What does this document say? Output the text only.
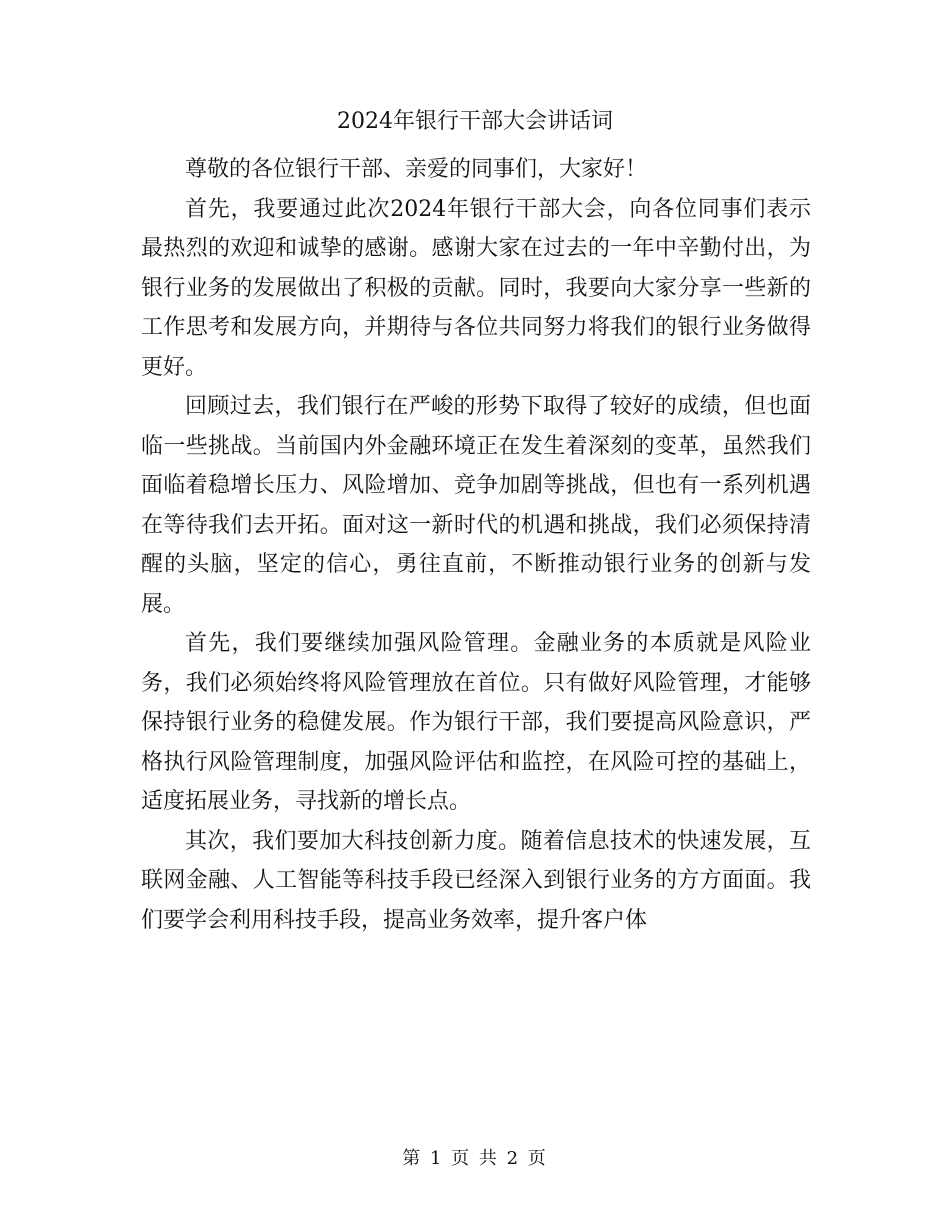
2024年银行干部大会讲话词

尊敬的各位银行干部、亲爱的同事们，大家好！

首先，我要通过此次2024年银行干部大会，向各位同事们表示最热烈的欢迎和诚挚的感谢。感谢大家在过去的一年中辛勤付出，为银行业务的发展做出了积极的贡献。同时，我要向大家分享一些新的工作思考和发展方向，并期待与各位共同努力将我们的银行业务做得更好。

回顾过去，我们银行在严峻的形势下取得了较好的成绩，但也面临一些挑战。当前国内外金融环境正在发生着深刻的变革，虽然我们面临着稳增长压力、风险增加、竞争加剧等挑战，但也有一系列机遇在等待我们去开拓。面对这一新时代的机遇和挑战，我们必须保持清醒的头脑，坚定的信心，勇往直前，不断推动银行业务的创新与发展。

首先，我们要继续加强风险管理。金融业务的本质就是风险业务，我们必须始终将风险管理放在首位。只有做好风险管理，才能够保持银行业务的稳健发展。作为银行干部，我们要提高风险意识，严格执行风险管理制度，加强风险评估和监控，在风险可控的基础上，适度拓展业务，寻找新的增长点。

其次，我们要加大科技创新力度。随着信息技术的快速发展，互联网金融、人工智能等科技手段已经深入到银行业务的方方面面。我们要学会利用科技手段，提高业务效率，提升客户体

第 1 页 共 2 页
